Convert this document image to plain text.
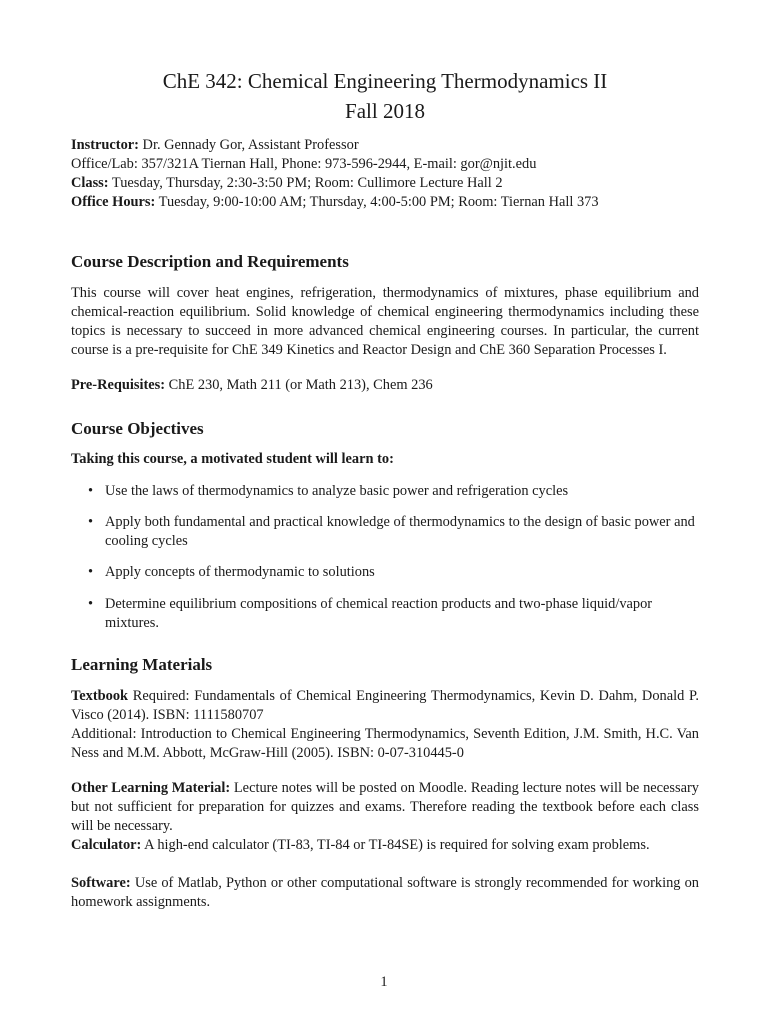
ChE 342: Chemical Engineering Thermodynamics II
Fall 2018
Instructor: Dr. Gennady Gor, Assistant Professor
Office/Lab: 357/321A Tiernan Hall, Phone: 973-596-2944, E-mail: gor@njit.edu
Class: Tuesday, Thursday, 2:30-3:50 PM; Room: Cullimore Lecture Hall 2
Office Hours: Tuesday, 9:00-10:00 AM; Thursday, 4:00-5:00 PM; Room: Tiernan Hall 373
Course Description and Requirements

This course will cover heat engines, refrigeration, thermodynamics of mixtures, phase equilibrium and chemical-reaction equilibrium. Solid knowledge of chemical engineering thermodynamics including these topics is necessary to succeed in more advanced chemical engineering courses. In particular, the current course is a pre-requisite for ChE 349 Kinetics and Reactor Design and ChE 360 Separation Processes I.

Pre-Requisites: ChE 230, Math 211 (or Math 213), Chem 236

Course Objectives

Taking this course, a motivated student will learn to:

• Use the laws of thermodynamics to analyze basic power and refrigeration cycles
• Apply both fundamental and practical knowledge of thermodynamics to the design of basic power and cooling cycles
• Apply concepts of thermodynamic to solutions
• Determine equilibrium compositions of chemical reaction products and two-phase liquid/vapor mixtures.
Learning Materials

Textbook Required: Fundamentals of Chemical Engineering Thermodynamics, Kevin D. Dahm, Donald P. Visco (2014). ISBN: 1111580707

Additional: Introduction to Chemical Engineering Thermodynamics, Seventh Edition, J.M. Smith, H.C. Van Ness and M.M. Abbott, McGraw-Hill (2005). ISBN: 0-07-310445-0

Other Learning Material: Lecture notes will be posted on Moodle. Reading lecture notes will be necessary but not sufficient for preparation for quizzes and exams. Therefore reading the textbook before each class will be necessary.

Calculator: A high-end calculator (TI-83, TI-84 or TI-84SE) is required for solving exam problems.

Software: Use of Matlab, Python or other computational software is strongly recommended for working on homework assignments.

1
